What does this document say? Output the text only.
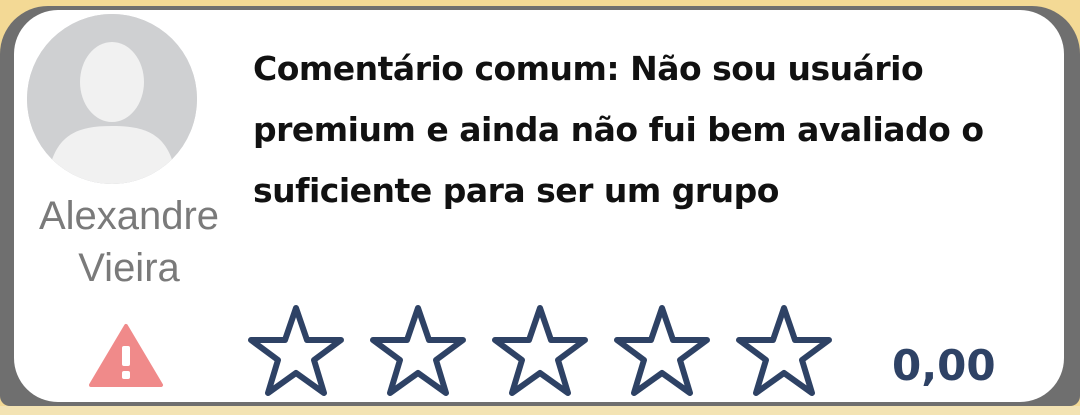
Alexandre
Vieira
Comentário comum: Não sou usuário premium e ainda não fui bem avaliado o suficiente para ser um grupo
0,00
